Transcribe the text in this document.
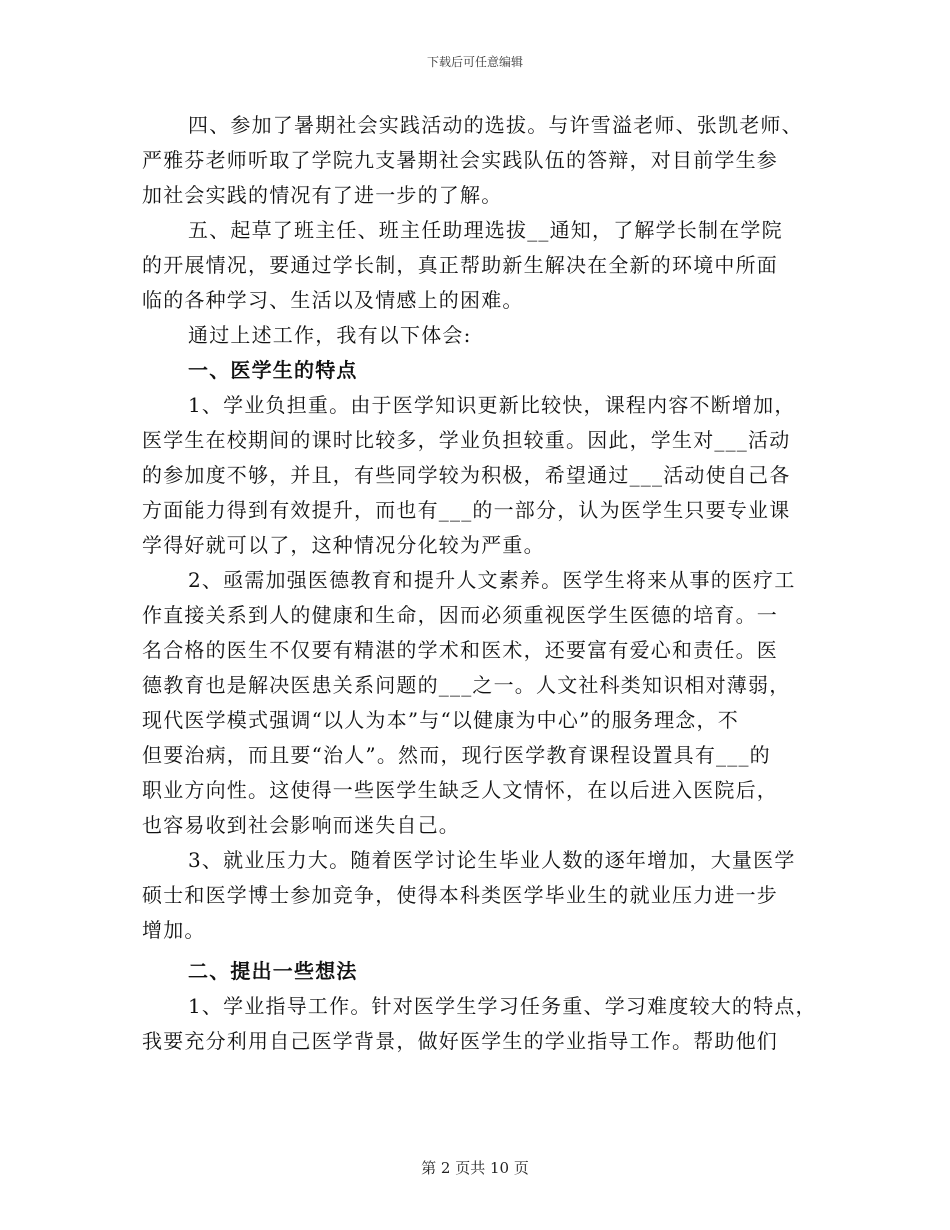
下载后可任意编辑
四、参加了暑期社会实践活动的选拔。与许雪溢老师、张凯老师、
严雅芬老师听取了学院九支暑期社会实践队伍的答辩，对目前学生参
加社会实践的情况有了进一步的了解。
五、起草了班主任、班主任助理选拔__通知，了解学长制在学院
的开展情况，要通过学长制，真正帮助新生解决在全新的环境中所面
临的各种学习、生活以及情感上的困难。
通过上述工作，我有以下体会:
一、医学生的特点
1、学业负担重。由于医学知识更新比较快，课程内容不断增加，
医学生在校期间的课时比较多，学业负担较重。因此，学生对___活动
的参加度不够，并且，有些同学较为积极，希望通过___活动使自己各
方面能力得到有效提升，而也有___的一部分，认为医学生只要专业课
学得好就可以了，这种情况分化较为严重。
2、亟需加强医德教育和提升人文素养。医学生将来从事的医疗工
作直接关系到人的健康和生命，因而必须重视医学生医德的培育。一
名合格的医生不仅要有精湛的学术和医术，还要富有爱心和责任。医
德教育也是解决医患关系问题的___之一。人文社科类知识相对薄弱，
现代医学模式强调“以人为本”与“以健康为中心”的服务理念，不
但要治病，而且要“治人”。然而，现行医学教育课程设置具有___的
职业方向性。这使得一些医学生缺乏人文情怀，在以后进入医院后，
也容易收到社会影响而迷失自己。
3、就业压力大。随着医学讨论生毕业人数的逐年增加，大量医学
硕士和医学博士参加竞争，使得本科类医学毕业生的就业压力进一步
增加。
二、提出一些想法
1、学业指导工作。针对医学生学习任务重、学习难度较大的特点，
我要充分利用自己医学背景，做好医学生的学业指导工作。帮助他们
第 2 页共 10 页
